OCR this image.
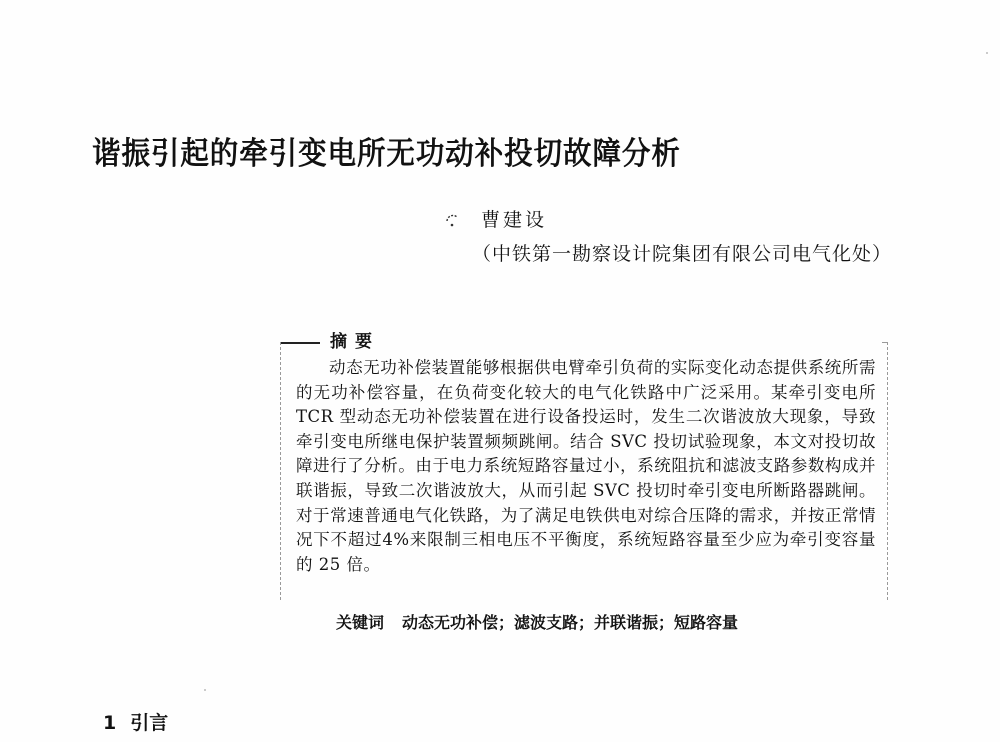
谐振引起的牵引变电所无功动补投切故障分析
曹建设
（中铁第一勘察设计院集团有限公司电气化处）
摘要
动态无功补偿装置能够根据供电臂牵引负荷的实际变化动态提供系统所需的无功补偿容量，在负荷变化较大的电气化铁路中广泛采用。某牵引变电所 TCR 型动态无功补偿装置在进行设备投运时，发生二次谐波放大现象，导致牵引变电所继电保护装置频频跳闸。结合 SVC 投切试验现象，本文对投切故障进行了分析。由于电力系统短路容量过小，系统阻抗和滤波支路参数构成并联谐振，导致二次谐波放大，从而引起 SVC 投切时牵引变电所断路器跳闸。对于常速普通电气化铁路，为了满足电铁供电对综合压降的需求，并按正常情况下不超过4%来限制三相电压不平衡度，系统短路容量至少应为牵引变容量的 25 倍。
关键词 动态无功补偿；滤波支路；并联谐振；短路容量
1 引言
